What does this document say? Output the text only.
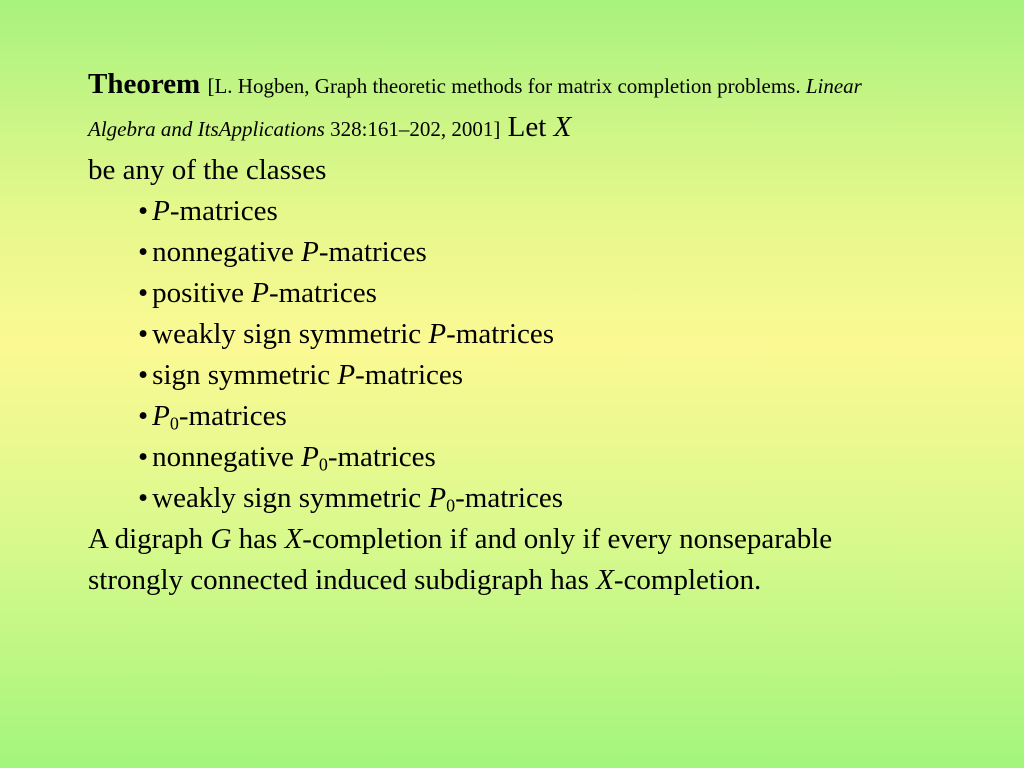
Theorem [L. Hogben, Graph theoretic methods for matrix completion problems. Linear Algebra and ItsApplications 328:161–202, 2001] Let X
be any of the classes
• P-matrices
• nonnegative P-matrices
• positive P-matrices
• weakly sign symmetric P-matrices
• sign symmetric P-matrices
• $P_0$-matrices
• nonnegative $P_0$-matrices
• weakly sign symmetric $P_0$-matrices
A digraph G has X-completion if and only if every nonseparable strongly connected induced subdigraph has X-completion.
